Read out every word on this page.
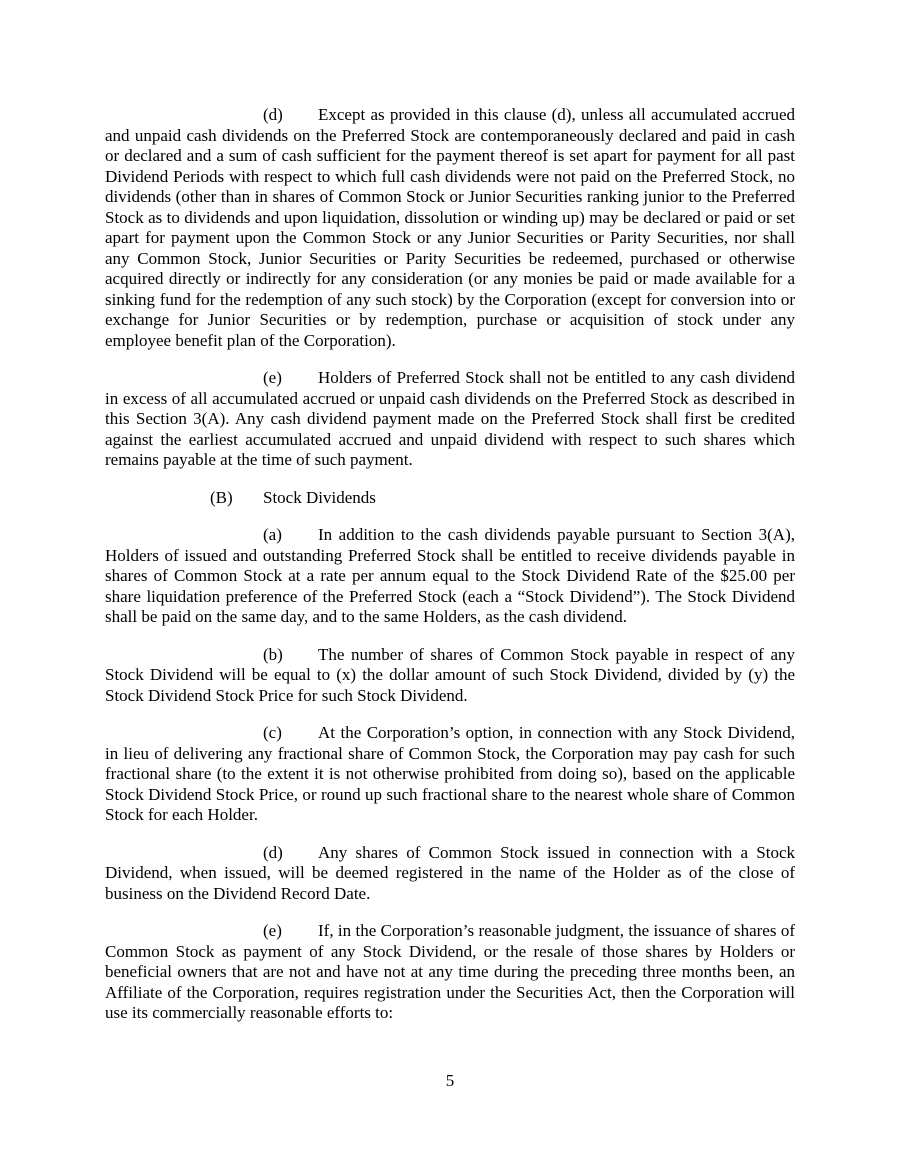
(d) Except as provided in this clause (d), unless all accumulated accrued and unpaid cash dividends on the Preferred Stock are contemporaneously declared and paid in cash or declared and a sum of cash sufficient for the payment thereof is set apart for payment for all past Dividend Periods with respect to which full cash dividends were not paid on the Preferred Stock, no dividends (other than in shares of Common Stock or Junior Securities ranking junior to the Preferred Stock as to dividends and upon liquidation, dissolution or winding up) may be declared or paid or set apart for payment upon the Common Stock or any Junior Securities or Parity Securities, nor shall any Common Stock, Junior Securities or Parity Securities be redeemed, purchased or otherwise acquired directly or indirectly for any consideration (or any monies be paid or made available for a sinking fund for the redemption of any such stock) by the Corporation (except for conversion into or exchange for Junior Securities or by redemption, purchase or acquisition of stock under any employee benefit plan of the Corporation).

(e) Holders of Preferred Stock shall not be entitled to any cash dividend in excess of all accumulated accrued or unpaid cash dividends on the Preferred Stock as described in this Section 3(A). Any cash dividend payment made on the Preferred Stock shall first be credited against the earliest accumulated accrued and unpaid dividend with respect to such shares which remains payable at the time of such payment.

(B) Stock Dividends

(a) In addition to the cash dividends payable pursuant to Section 3(A), Holders of issued and outstanding Preferred Stock shall be entitled to receive dividends payable in shares of Common Stock at a rate per annum equal to the Stock Dividend Rate of the $25.00 per share liquidation preference of the Preferred Stock (each a “Stock Dividend”). The Stock Dividend shall be paid on the same day, and to the same Holders, as the cash dividend.

(b) The number of shares of Common Stock payable in respect of any Stock Dividend will be equal to (x) the dollar amount of such Stock Dividend, divided by (y) the Stock Dividend Stock Price for such Stock Dividend.

(c) At the Corporation’s option, in connection with any Stock Dividend, in lieu of delivering any fractional share of Common Stock, the Corporation may pay cash for such fractional share (to the extent it is not otherwise prohibited from doing so), based on the applicable Stock Dividend Stock Price, or round up such fractional share to the nearest whole share of Common Stock for each Holder.

(d) Any shares of Common Stock issued in connection with a Stock Dividend, when issued, will be deemed registered in the name of the Holder as of the close of business on the Dividend Record Date.

(e) If, in the Corporation’s reasonable judgment, the issuance of shares of Common Stock as payment of any Stock Dividend, or the resale of those shares by Holders or beneficial owners that are not and have not at any time during the preceding three months been, an Affiliate of the Corporation, requires registration under the Securities Act, then the Corporation will use its commercially reasonable efforts to:

5
